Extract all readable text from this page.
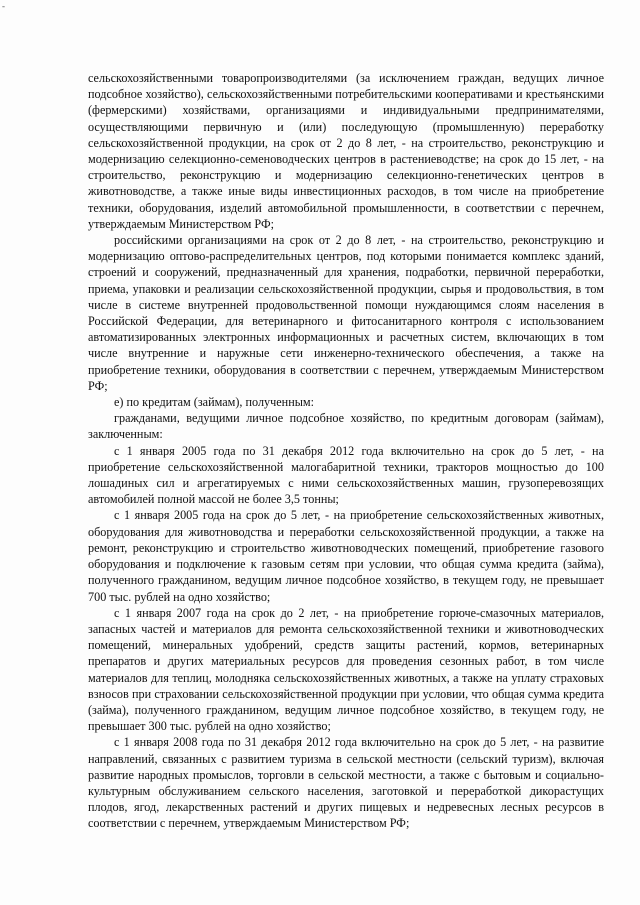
-

сельскохозяйственными товаропроизводителями (за исключением граждан, ведущих личное подсобное хозяйство), сельскохозяйственными потребительскими кооперативами и крестьянскими (фермерскими) хозяйствами, организациями и индивидуальными предпринимателями, осуществляющими первичную и (или) последующую (промышленную) переработку сельскохозяйственной продукции, на срок от 2 до 8 лет, - на строительство, реконструкцию и модернизацию селекционно-семеноводческих центров в растениеводстве; на срок до 15 лет, - на строительство, реконструкцию и модернизацию селекционно-генетических центров в животноводстве, а также иные виды инвестиционных расходов, в том числе на приобретение техники, оборудования, изделий автомобильной промышленности, в соответствии с перечнем, утверждаемым Министерством РФ;

российскими организациями на срок от 2 до 8 лет, - на строительство, реконструкцию и модернизацию оптово-распределительных центров, под которыми понимается комплекс зданий, строений и сооружений, предназначенный для хранения, подработки, первичной переработки, приема, упаковки и реализации сельскохозяйственной продукции, сырья и продовольствия, в том числе в системе внутренней продовольственной помощи нуждающимся слоям населения в Российской Федерации, для ветеринарного и фитосанитарного контроля с использованием автоматизированных электронных информационных и расчетных систем, включающих в том числе внутренние и наружные сети инженерно-технического обеспечения, а также на приобретение техники, оборудования в соответствии с перечнем, утверждаемым Министерством РФ;

е) по кредитам (займам), полученным:

гражданами, ведущими личное подсобное хозяйство, по кредитным договорам (займам), заключенным:

с 1 января 2005 года по 31 декабря 2012 года включительно на срок до 5 лет, - на приобретение сельскохозяйственной малогабаритной техники, тракторов мощностью до 100 лошадиных сил и агрегатируемых с ними сельскохозяйственных машин, грузоперевозящих автомобилей полной массой не более 3,5 тонны;

с 1 января 2005 года на срок до 5 лет, - на приобретение сельскохозяйственных животных, оборудования для животноводства и переработки сельскохозяйственной продукции, а также на ремонт, реконструкцию и строительство животноводческих помещений, приобретение газового оборудования и подключение к газовым сетям при условии, что общая сумма кредита (займа), полученного гражданином, ведущим личное подсобное хозяйство, в текущем году, не превышает 700 тыс. рублей на одно хозяйство;

с 1 января 2007 года на срок до 2 лет, - на приобретение горюче-смазочных материалов, запасных частей и материалов для ремонта сельскохозяйственной техники и животноводческих помещений, минеральных удобрений, средств защиты растений, кормов, ветеринарных препаратов и других материальных ресурсов для проведения сезонных работ, в том числе материалов для теплиц, молодняка сельскохозяйственных животных, а также на уплату страховых взносов при страховании сельскохозяйственной продукции при условии, что общая сумма кредита (займа), полученного гражданином, ведущим личное подсобное хозяйство, в текущем году, не превышает 300 тыс. рублей на одно хозяйство;

с 1 января 2008 года по 31 декабря 2012 года включительно на срок до 5 лет, - на развитие направлений, связанных с развитием туризма в сельской местности (сельский туризм), включая развитие народных промыслов, торговли в сельской местности, а также с бытовым и социально-культурным обслуживанием сельского населения, заготовкой и переработкой дикорастущих плодов, ягод, лекарственных растений и других пищевых и недревесных лесных ресурсов в соответствии с перечнем, утверждаемым Министерством РФ;
